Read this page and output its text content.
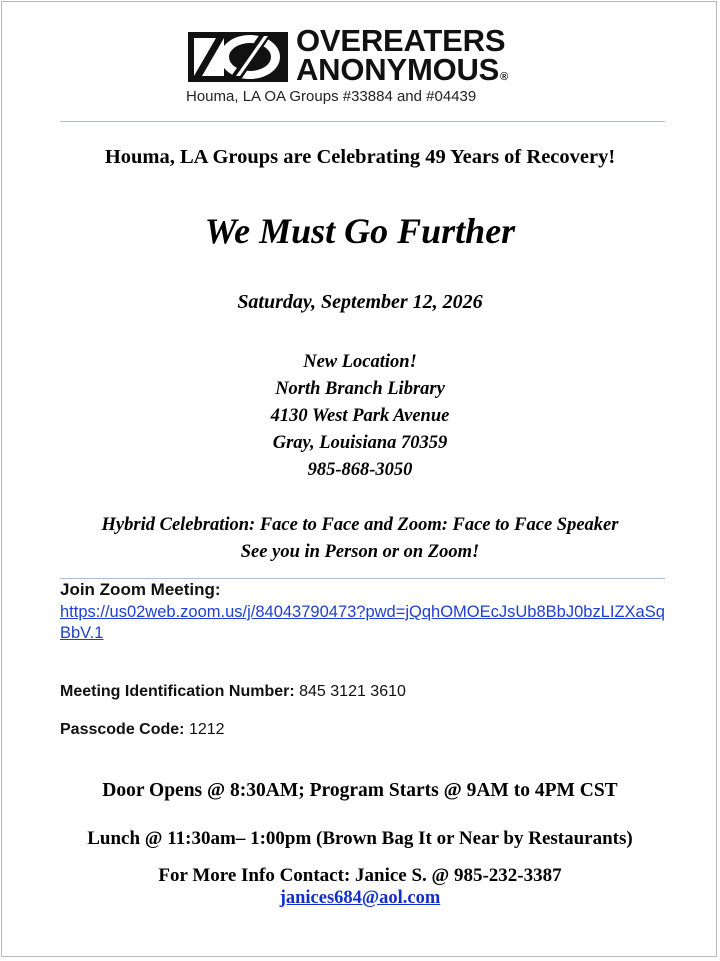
OVEREATERS
ANONYMOUS®
Houma, LA OA Groups #33884 and #04439
Houma, LA Groups are Celebrating 49 Years of Recovery!
We Must Go Further
Saturday, September 12, 2026
New Location!
North Branch Library
4130 West Park Avenue
Gray, Louisiana 70359
985-868-3050
Hybrid Celebration: Face to Face and Zoom: Face to Face Speaker
See you in Person or on Zoom!
Join Zoom Meeting:
https://us02web.zoom.us/j/84043790473?pwd=jQqhOMOEcJsUb8BbJ0bzLIZXaSqBbV.1
Meeting Identification Number: 845 3121 3610
Passcode Code: 1212
Door Opens @ 8:30AM; Program Starts @ 9AM to 4PM CST
Lunch @ 11:30am– 1:00pm (Brown Bag It or Near by Restaurants)
For More Info Contact: Janice S. @ 985-232-3387
janices684@aol.com
